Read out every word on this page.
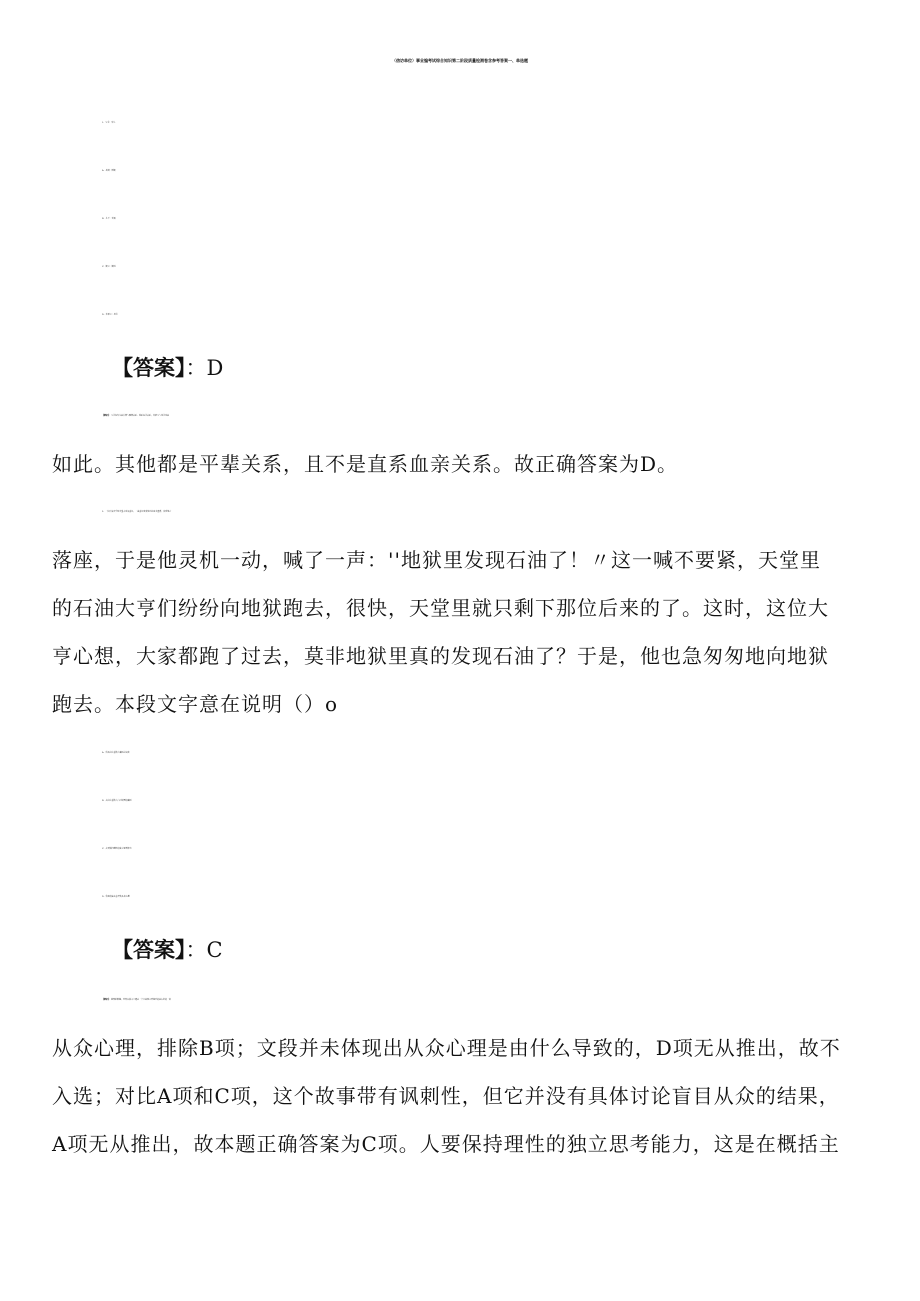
（信访单位）事业编考试综合知识第二阶段质量检测卷含参考答案一、单选题
1、父亲：女儿
A、叔叔：阿姨
B、儿子：女婿
C、姨父：姨妈
D、外祖父：母亲
【答案】：D
【解析】：父亲和女儿是长辈与晚辈关系、直系血亲关系，外祖父与母亲也是
如此。其他都是平辈关系，且不是直系血亲关系。故正确答案为D。
2、一位石油大亨到天堂去参加会议，一进会议室发现已经座无虚席，没有地方
落座，于是他灵机一动，喊了一声：''地狱里发现石油了！〃这一喊不要紧，天堂里
的石油大亨们纷纷向地狱跑去，很快，天堂里就只剩下那位后来的了。这时，这位大
亨心想，大家都跑了过去，莫非地狱里真的发现石油了？于是，他也急匆匆地向地狱
跑去。本段文字意在说明（）o
A、盲从往往会陷入骗局或失败
B、人往往会陷入自己设置的骗局
C、人要保持理性的独立思考能力
D、信息的缺失会导致从众心理
【答案】：C
【解析】：意图推断题。显然本段文字通过一个小故事主要揭示的是人们的一种
从众心理，排除B项；文段并未体现出从众心理是由什么导致的，D项无从推出，故不
入选；对比A项和C项，这个故事带有讽刺性，但它并没有具体讨论盲目从众的结果，
A项无从推出，故本题正确答案为C项。人要保持理性的独立思考能力，这是在概括主
